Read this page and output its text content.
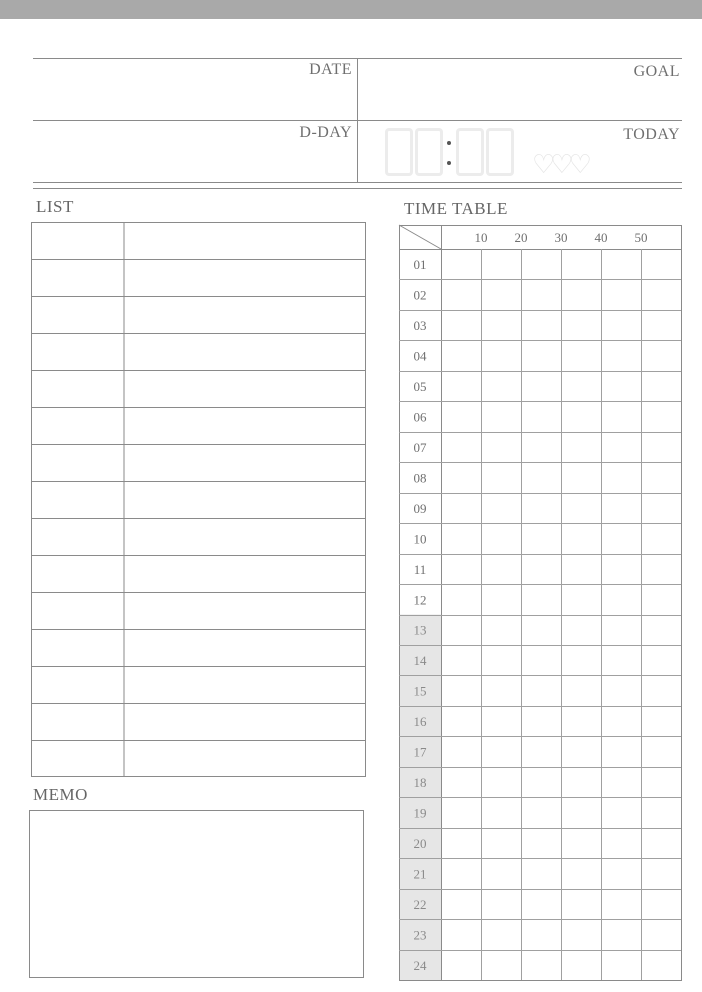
DATE	GOAL
D-DAY	TODAY
♡♡♡
LIST
MEMO
TIME TABLE
10 20 30 40 50
01
02
03
04
05
06
07
08
09
10
11
12
13
14
15
16
17
18
19
20
21
22
23
24
